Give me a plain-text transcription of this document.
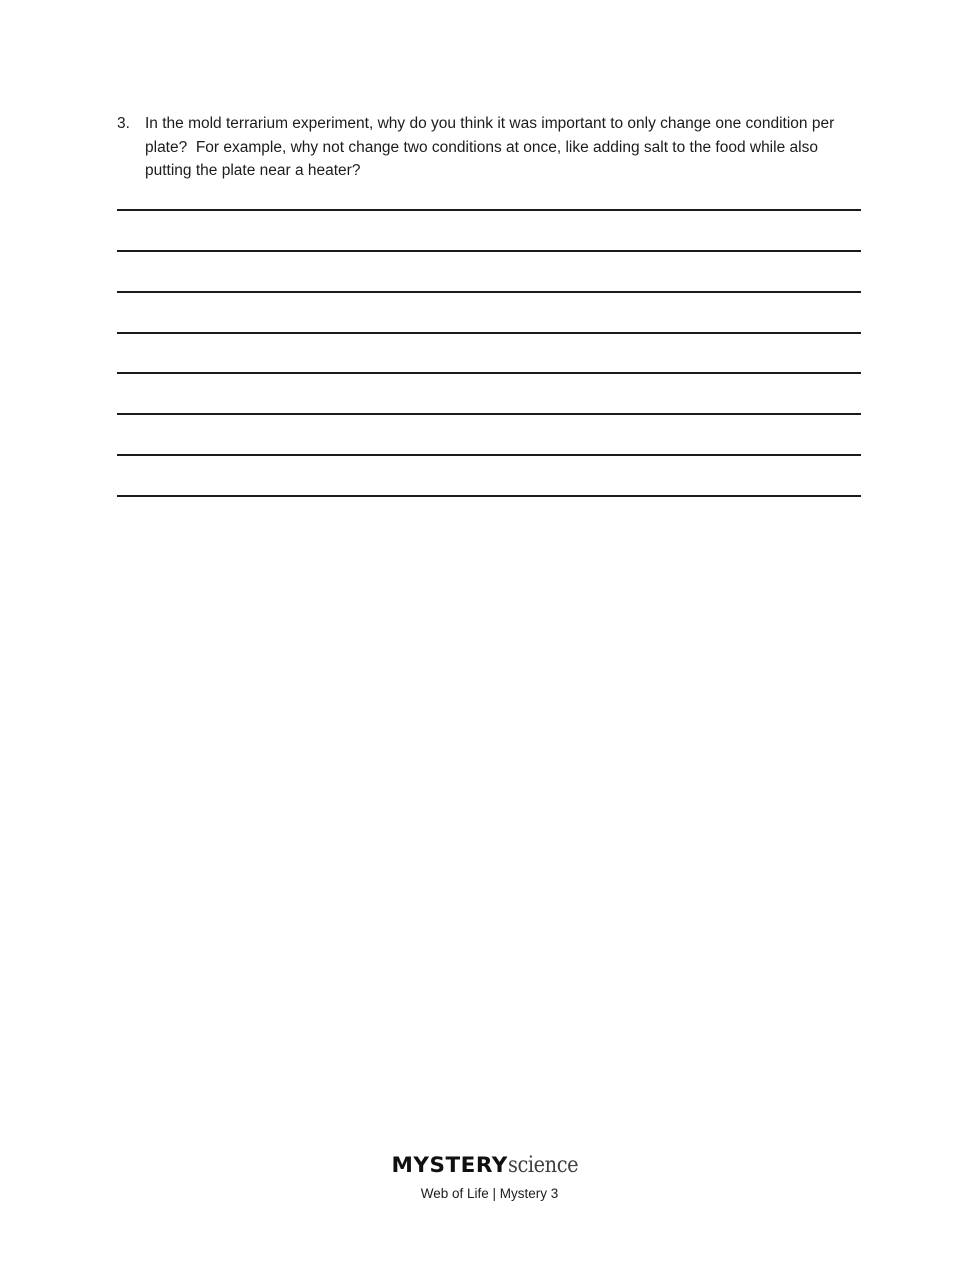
3. In the mold terrarium experiment, why do you think it was important to only change one condition per plate?  For example, why not change two conditions at once, like adding salt to the food while also putting the plate near a heater?
MYSTERYscience
Web of Life | Mystery 3
